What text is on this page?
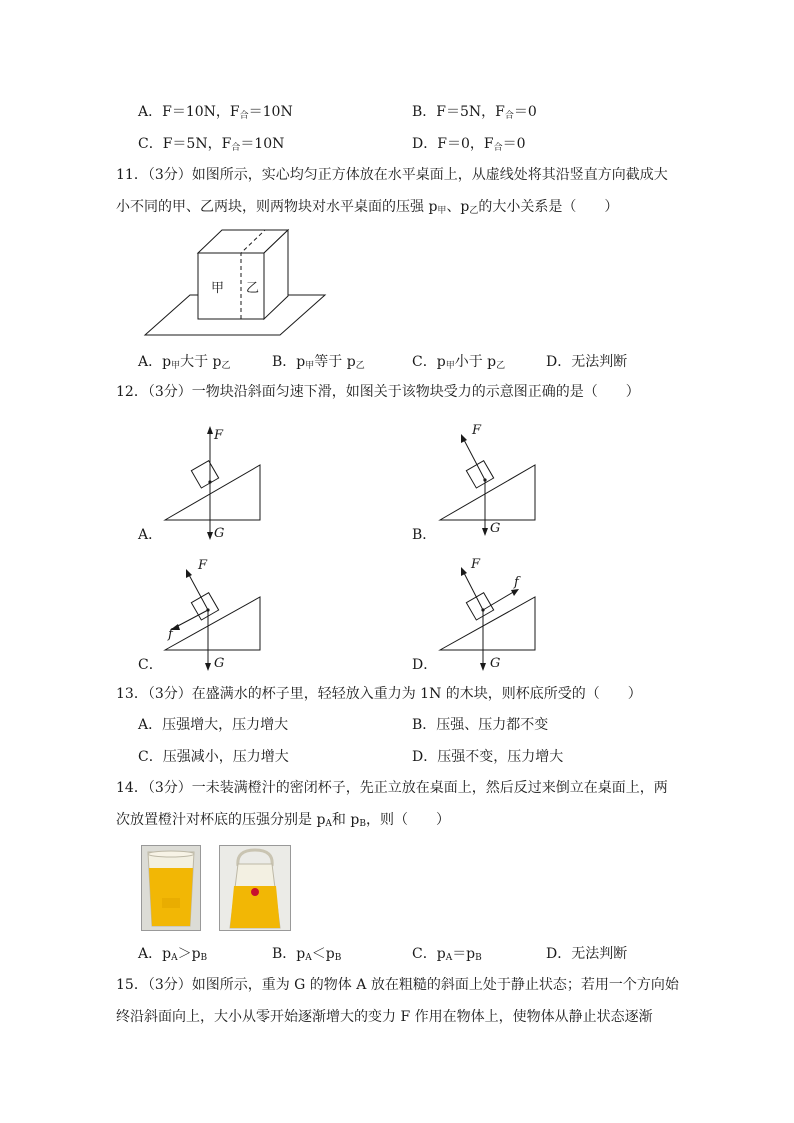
A．F＝10N，$F_合=10N$	B．F＝5N，$F_合=0$
C．F＝5N，$F_合=10N$	D．F＝0，$F_合=0$
11．（3分）如图所示，实心均匀正方体放在水平桌面上，从虚线处将其沿竖直方向截成大
小不同的甲、乙两块，则两物块对水平桌面的压强 $p_甲$、$p_乙$的大小关系是（　　）
甲 乙
A．$p_甲$大于 $p_乙$	B．$p_甲$等于 $p_乙$	C．$p_甲$小于 $p_乙$	D．无法判断
12．（3分）一物块沿斜面匀速下滑，如图关于该物块受力的示意图正确的是（　　）
F
G
A．
F
G
B．
F
f
G
C．
F
f
G
D．
13．（3分）在盛满水的杯子里，轻轻放入重力为 1N 的木块，则杯底所受的（　　）
A．压强增大，压力增大	B．压强、压力都不变
C．压强减小，压力增大	D．压强不变，压力增大
14．（3分）一未装满橙汁的密闭杯子，先正立放在桌面上，然后反过来倒立在桌面上，两
次放置橙汁对杯底的压强分别是 $p_A$和 $p_B$，则（　　）
A．$p_A>p_B$	B．$p_A<p_B$	C．$p_A=p_B$	D．无法判断
15．（3分）如图所示，重为 G 的物体 A 放在粗糙的斜面上处于静止状态；若用一个方向始
终沿斜面向上，大小从零开始逐渐增大的变力 F 作用在物体上，使物体从静止状态逐渐
